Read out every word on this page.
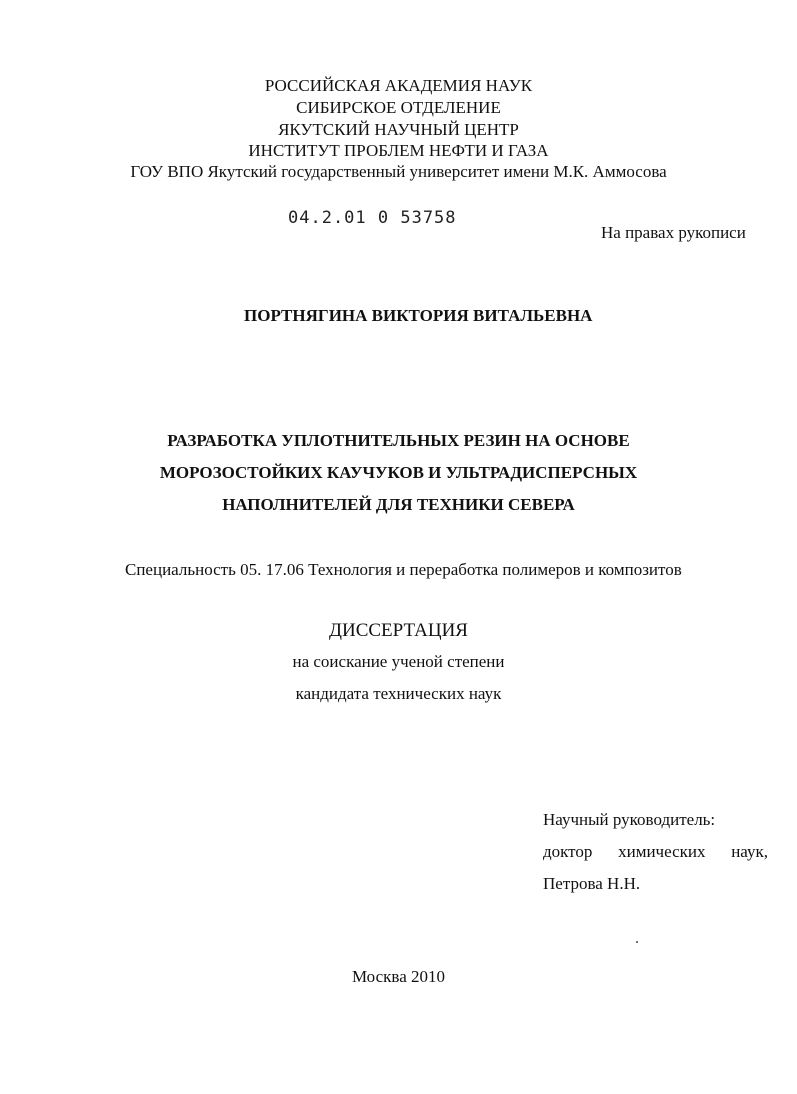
РОССИЙСКАЯ АКАДЕМИЯ НАУК
СИБИРСКОЕ ОТДЕЛЕНИЕ
ЯКУТСКИЙ НАУЧНЫЙ ЦЕНТР
ИНСТИТУТ ПРОБЛЕМ НЕФТИ И ГАЗА
ГОУ ВПО Якутский государственный университет имени М.К. Аммосова
04.2.01 0 53758
На правах рукописи
ПОРТНЯГИНА ВИКТОРИЯ ВИТАЛЬЕВНА
РАЗРАБОТКА УПЛОТНИТЕЛЬНЫХ РЕЗИН НА ОСНОВЕ
МОРОЗОСТОЙКИХ КАУЧУКОВ И УЛЬТРАДИСПЕРСНЫХ
НАПОЛНИТЕЛЕЙ ДЛЯ ТЕХНИКИ СЕВЕРА
Специальность 05. 17.06 Технология и переработка полимеров и композитов
ДИССЕРТАЦИЯ
на соискание ученой степени
кандидата технических наук
Научный руководитель:
доктор химических наук,
Петрова Н.Н.
Москва 2010
